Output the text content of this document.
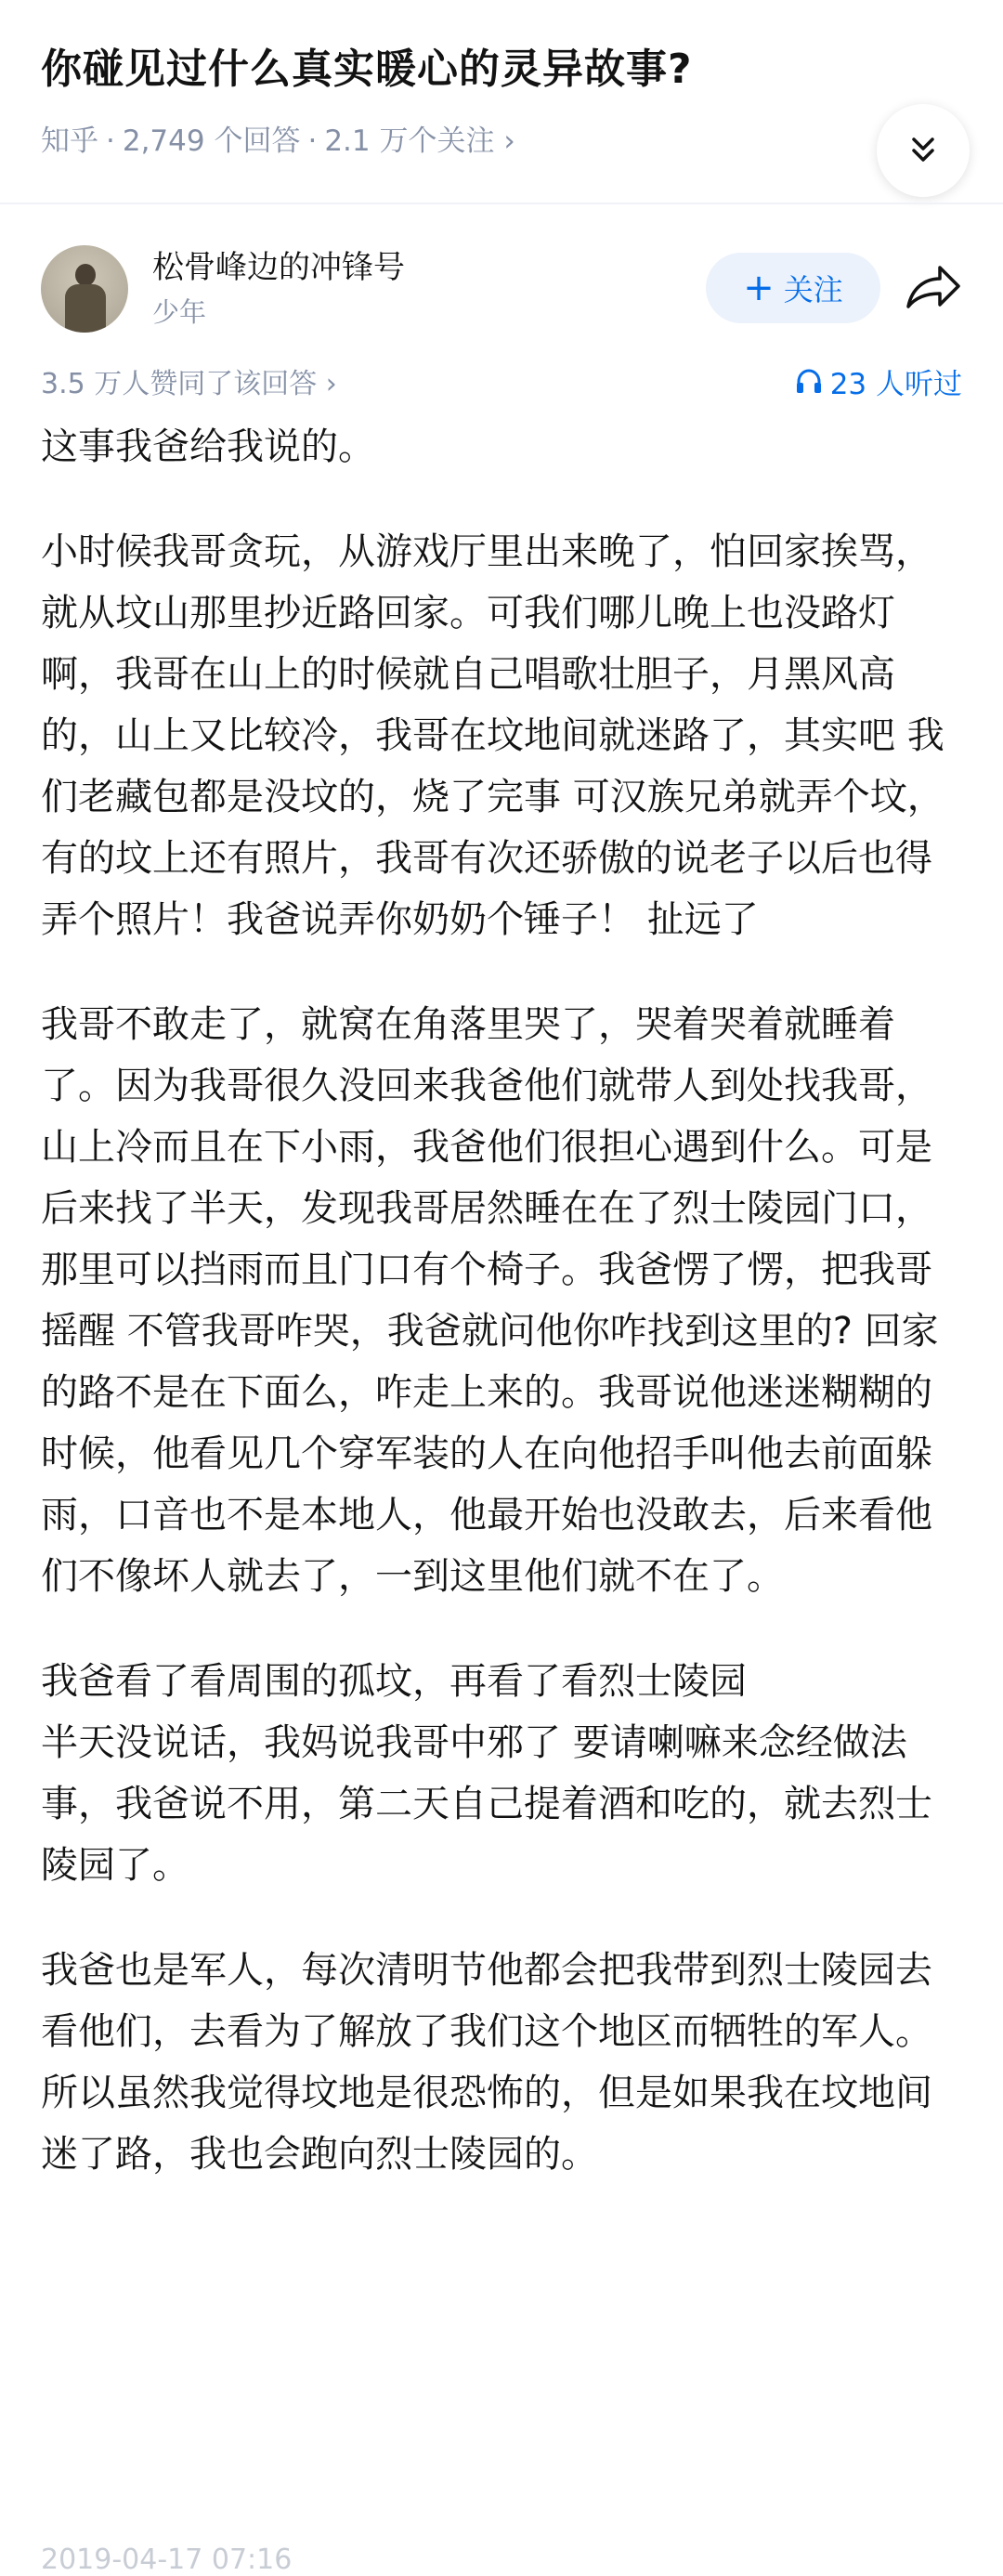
你碰见过什么真实暖心的灵异故事?
知乎 · 2,749 个回答 · 2.1 万个关注 ›
松骨峰边的冲锋号
少年
+ 关注
3.5 万人赞同了该回答 ›	23 人听过

这事我爸给我说的。

小时候我哥贪玩，从游戏厅里出来晚了，怕回家挨骂，就从坟山那里抄近路回家。可我们哪儿晚上也没路灯啊，我哥在山上的时候就自己唱歌壮胆子，月黑风高的，山上又比较冷，我哥在坟地间就迷路了，其实吧 我们老藏包都是没坟的，烧了完事 可汉族兄弟就弄个坟，有的坟上还有照片，我哥有次还骄傲的说老子以后也得弄个照片！我爸说弄你奶奶个锤子！ 扯远了

我哥不敢走了，就窝在角落里哭了，哭着哭着就睡着了。因为我哥很久没回来我爸他们就带人到处找我哥，山上冷而且在下小雨，我爸他们很担心遇到什么。可是后来找了半天，发现我哥居然睡在在了烈士陵园门口，那里可以挡雨而且门口有个椅子。我爸愣了愣，把我哥摇醒 不管我哥咋哭，我爸就问他你咋找到这里的? 回家的路不是在下面么，咋走上来的。我哥说他迷迷糊糊的时候，他看见几个穿军装的人在向他招手叫他去前面躲雨，口音也不是本地人，他最开始也没敢去，后来看他们不像坏人就去了，一到这里他们就不在了。

我爸看了看周围的孤坟，再看了看烈士陵园
半天没说话，我妈说我哥中邪了 要请喇嘛来念经做法事，我爸说不用，第二天自己提着酒和吃的，就去烈士陵园了。

我爸也是军人，每次清明节他都会把我带到烈士陵园去看他们，去看为了解放了我们这个地区而牺牲的军人。所以虽然我觉得坟地是很恐怖的，但是如果我在坟地间迷了路，我也会跑向烈士陵园的。

2019-04-17 07:16
